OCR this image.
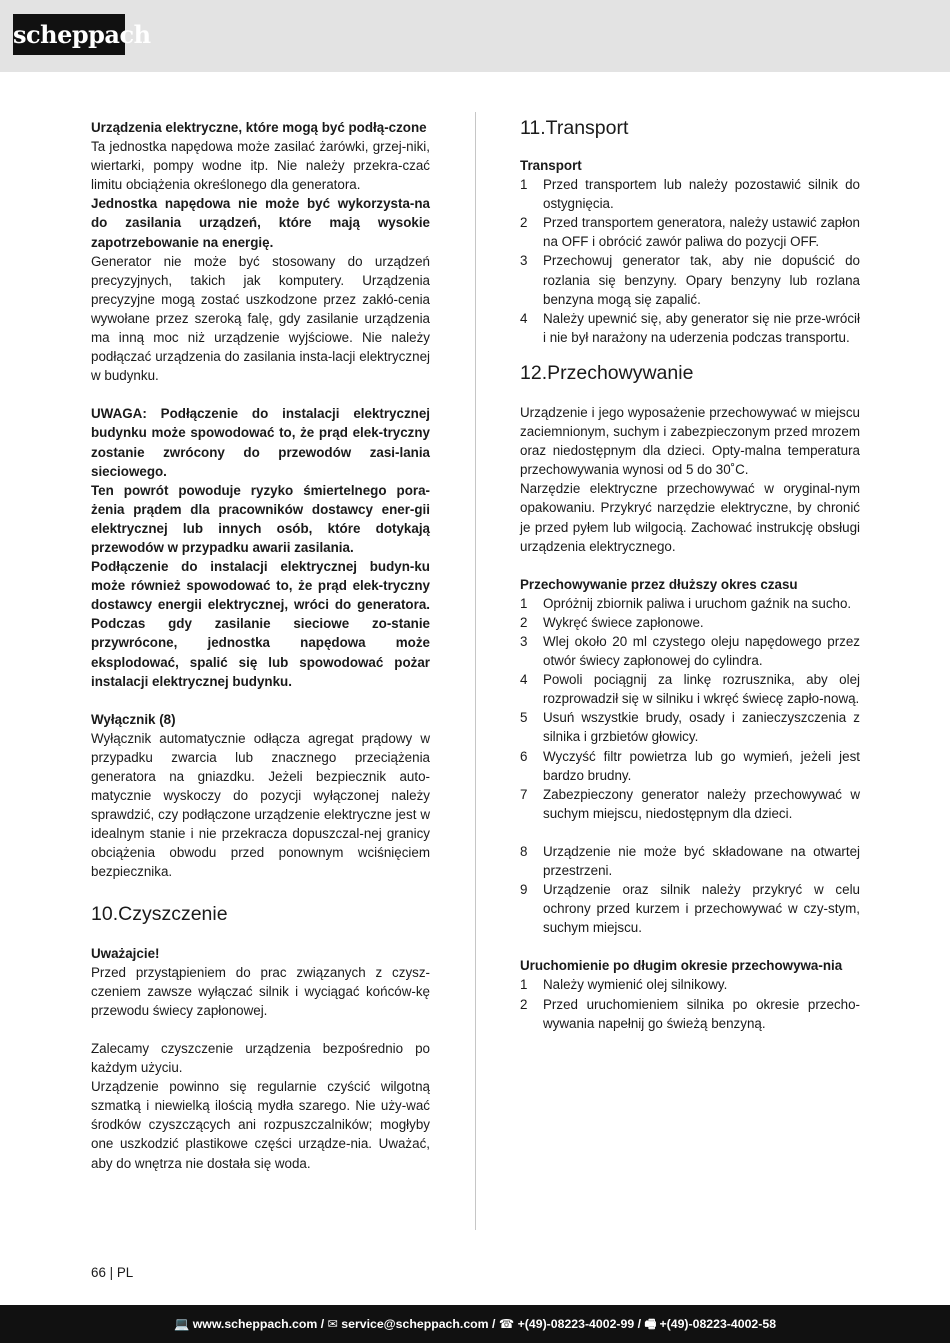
scheppach

Urządzenia elektryczne, które mogą być podłą-czone

Ta jednostka napędowa może zasilać żarówki, grzej-niki, wiertarki, pompy wodne itp. Nie należy przekra-czać limitu obciążenia określonego dla generatora.

Jednostka napędowa nie może być wykorzysta-na do zasilania urządzeń, które mają wysokie zapotrzebowanie na energię.

Generator nie może być stosowany do urządzeń precyzyjnych, takich jak komputery. Urządzenia precyzyjne mogą zostać uszkodzone przez zakłó-cenia wywołane przez szeroką falę, gdy zasilanie urządzenia ma inną moc niż urządzenie wyjściowe. Nie należy podłączać urządzenia do zasilania insta-lacji elektrycznej w budynku.

UWAGA: Podłączenie do instalacji elektrycznej budynku może spowodować to, że prąd elek-tryczny zostanie zwrócony do przewodów zasi-lania sieciowego.

Ten powrót powoduje ryzyko śmiertelnego pora-żenia prądem dla pracowników dostawcy ener-gii elektrycznej lub innych osób, które dotykają przewodów w przypadku awarii zasilania.

Podłączenie do instalacji elektrycznej budyn-ku może również spowodować to, że prąd elek-tryczny dostawcy energii elektrycznej, wróci do generatora. Podczas gdy zasilanie sieciowe zo-stanie przywrócone, jednostka napędowa może eksplodować, spalić się lub spowodować pożar instalacji elektrycznej budynku.

Wyłącznik (8)

Wyłącznik automatycznie odłącza agregat prądowy w przypadku zwarcia lub znacznego przeciążenia generatora na gniazdku. Jeżeli bezpiecznik auto-matycznie wyskoczy do pozycji wyłączonej należy sprawdzić, czy podłączone urządzenie elektryczne jest w idealnym stanie i nie przekracza dopuszczal-nej granicy obciążenia obwodu przed ponownym wciśnięciem bezpiecznika.

10.Czyszczenie

Uważajcie!

Przed przystąpieniem do prac związanych z czysz-czeniem zawsze wyłączać silnik i wyciągać końców-kę przewodu świecy zapłonowej.

Zalecamy czyszczenie urządzenia bezpośrednio po każdym użyciu.

Urządzenie powinno się regularnie czyścić wilgotną szmatką i niewielką ilością mydła szarego. Nie uży-wać środków czyszczących ani rozpuszczalników; mogłyby one uszkodzić plastikowe części urządze-nia. Uważać, aby do wnętrza nie dostała się woda.

11.Transport

Transport

1 Przed transportem lub należy pozostawić silnik do ostygnięcia.
2 Przed transportem generatora, należy ustawić zapłon na OFF i obrócić zawór paliwa do pozycji OFF.
3 Przechowuj generator tak, aby nie dopuścić do rozlania się benzyny. Opary benzyny lub rozlana benzyna mogą się zapalić.
4 Należy upewnić się, aby generator się nie prze-wrócił i nie był narażony na uderzenia podczas transportu.
12.Przechowywanie

Urządzenie i jego wyposażenie przechowywać w miejscu zaciemnionym, suchym i zabezpieczonym przed mrozem oraz niedostępnym dla dzieci. Opty-malna temperatura przechowywania wynosi od 5 do 30˚C.

Narzędzie elektryczne przechowywać w oryginal-nym opakowaniu. Przykryć narzędzie elektryczne, by chronić je przed pyłem lub wilgocią. Zachować instrukcję obsługi urządzenia elektrycznego.

Przechowywanie przez dłuższy okres czasu

1 Opróżnij zbiornik paliwa i uruchom gaźnik na sucho.
2 Wykręć świece zapłonowe.
3 Wlej około 20 ml czystego oleju napędowego przez otwór świecy zapłonowej do cylindra.
4 Powoli pociągnij za linkę rozrusznika, aby olej rozprowadził się w silniku i wkręć świecę zapło-nową.
5 Usuń wszystkie brudy, osady i zanieczyszczenia z silnika i grzbietów głowicy.
6 Wyczyść filtr powietrza lub go wymień, jeżeli jest bardzo brudny.
7 Zabezpieczony generator należy przechowywać w suchym miejscu, niedostępnym dla dzieci.
8 Urządzenie nie może być składowane na otwartej przestrzeni.
9 Urządzenie oraz silnik należy przykryć w celu ochrony przed kurzem i przechowywać w czy-stym, suchym miejscu.

Uruchomienie po długim okresie przechowywa-nia

1 Należy wymienić olej silnikowy.
2 Przed uruchomieniem silnika po okresie przecho-wywania napełnij go świeżą benzyną.
66 | PL
💻 www.scheppach.com / ✉ service@scheppach.com / ☎ +(49)-08223-4002-99 / 🖷 +(49)-08223-4002-58
